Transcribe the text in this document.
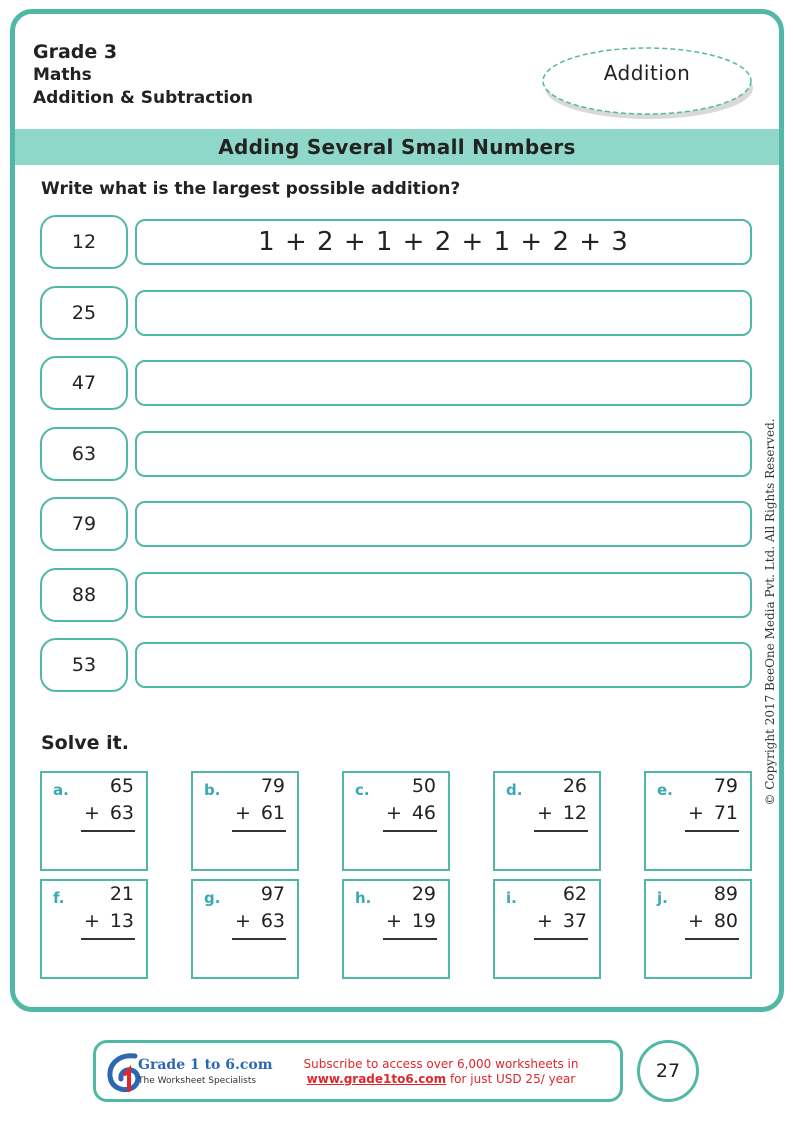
Grade 3
Maths
Addition & Subtraction
Addition
Adding Several Small Numbers
Write what is the largest possible addition?
12	1 + 2 + 1 + 2 + 1 + 2 + 3
25
47
63
79
88
53
Solve it.
a. 65
+ 63
b. 79
+ 61
c. 50
+ 46
d. 26
+ 12
e. 79
+ 71
f. 21
+ 13
g. 97
+ 63
h. 29
+ 19
i. 62
+ 37
j. 89
+ 80
© Copyright 2017 BeeOne Media Pvt. Ltd. All Rights Reserved.
Grade 1 to 6.com
The Worksheet Specialists
Subscribe to access over 6,000 worksheets in
www.grade1to6.com for just USD 25/ year	27
